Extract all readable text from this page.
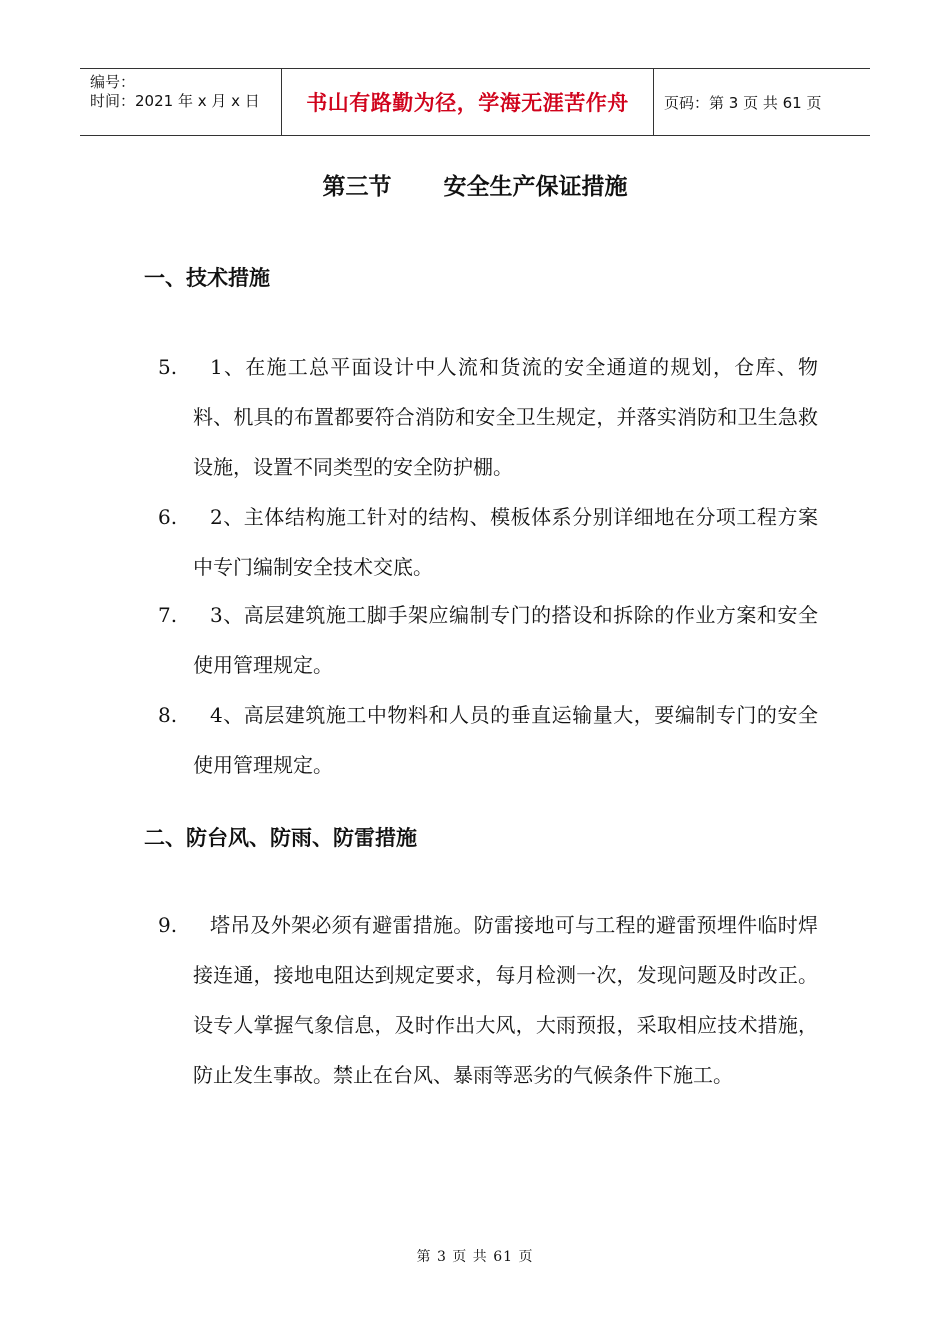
编号：
时间：2021 年 x 月 x 日	书山有路勤为径，学海无涯苦作舟	页码：第 3 页 共 61 页
第三节 安全生产保证措施
一、技术措施
5.	1、在施工总平面设计中人流和货流的安全通道的规划，仓库、物料、机具的布置都要符合消防和安全卫生规定，并落实消防和卫生急救设施，设置不同类型的安全防护棚。
6.	2、主体结构施工针对的结构、模板体系分别详细地在分项工程方案中专门编制安全技术交底。
7.	3、高层建筑施工脚手架应编制专门的搭设和拆除的作业方案和安全使用管理规定。
8.	4、高层建筑施工中物料和人员的垂直运输量大，要编制专门的安全使用管理规定。
二、防台风、防雨、防雷措施
9.	塔吊及外架必须有避雷措施。防雷接地可与工程的避雷预埋件临时焊接连通，接地电阻达到规定要求，每月检测一次，发现问题及时改正。设专人掌握气象信息，及时作出大风，大雨预报，采取相应技术措施，防止发生事故。禁止在台风、暴雨等恶劣的气候条件下施工。
第 3 页 共 61 页
